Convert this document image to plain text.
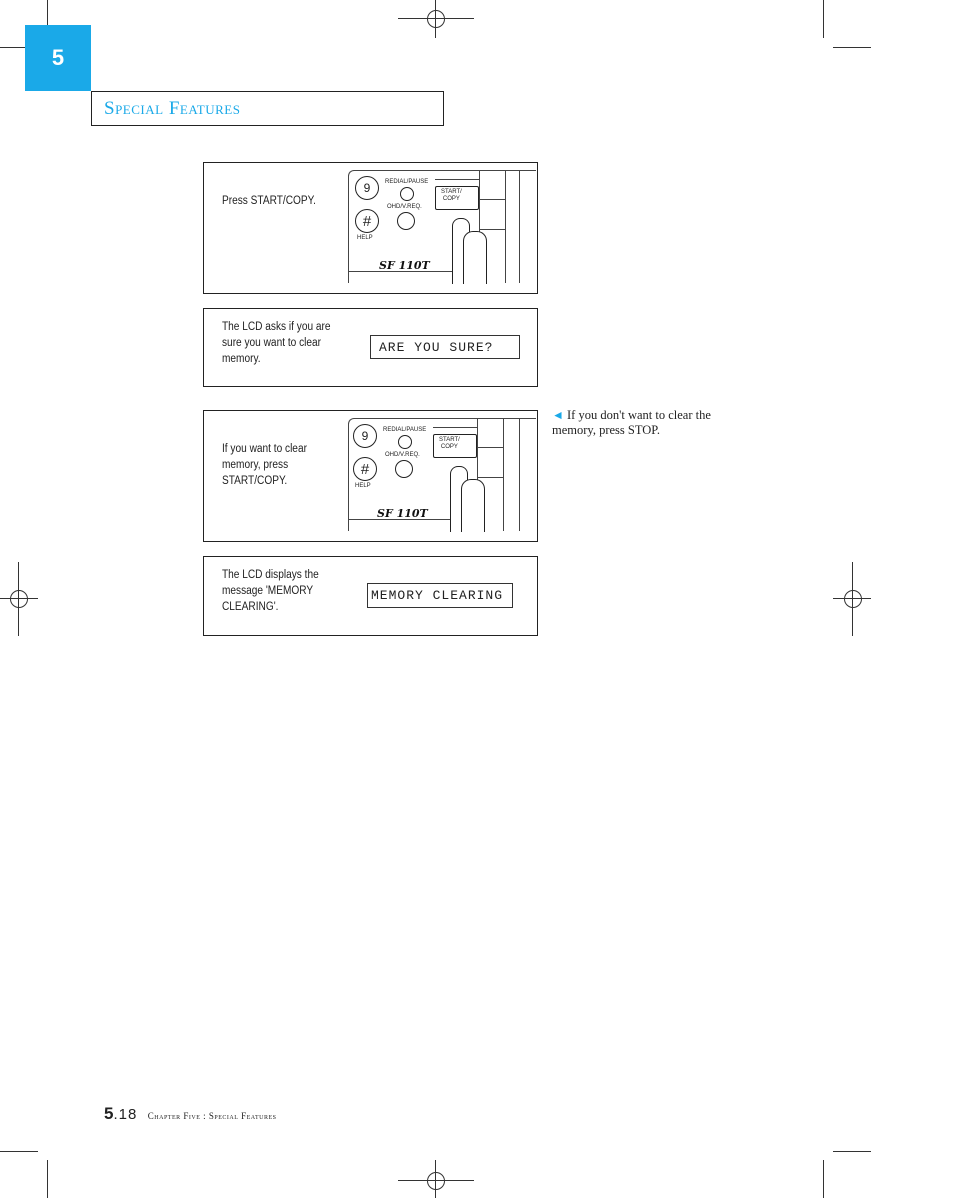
5
Special Features
Press START/COPY.
9
#
HELP
REDIAL/PAUSE
OHD/V.REQ.
START/
COPY
SF 110T
The LCD asks if you are sure you want to clear memory.
ARE YOU SURE?
If you want to clear memory, press START/COPY.
9
#
HELP
REDIAL/PAUSE
OHD/V.REQ.
START/
COPY
SF 110T
The LCD displays the message 'MEMORY CLEARING'.
MEMORY CLEARING
◄ If you don't want to clear the memory, press STOP.
5.18 Chapter Five : Special Features
